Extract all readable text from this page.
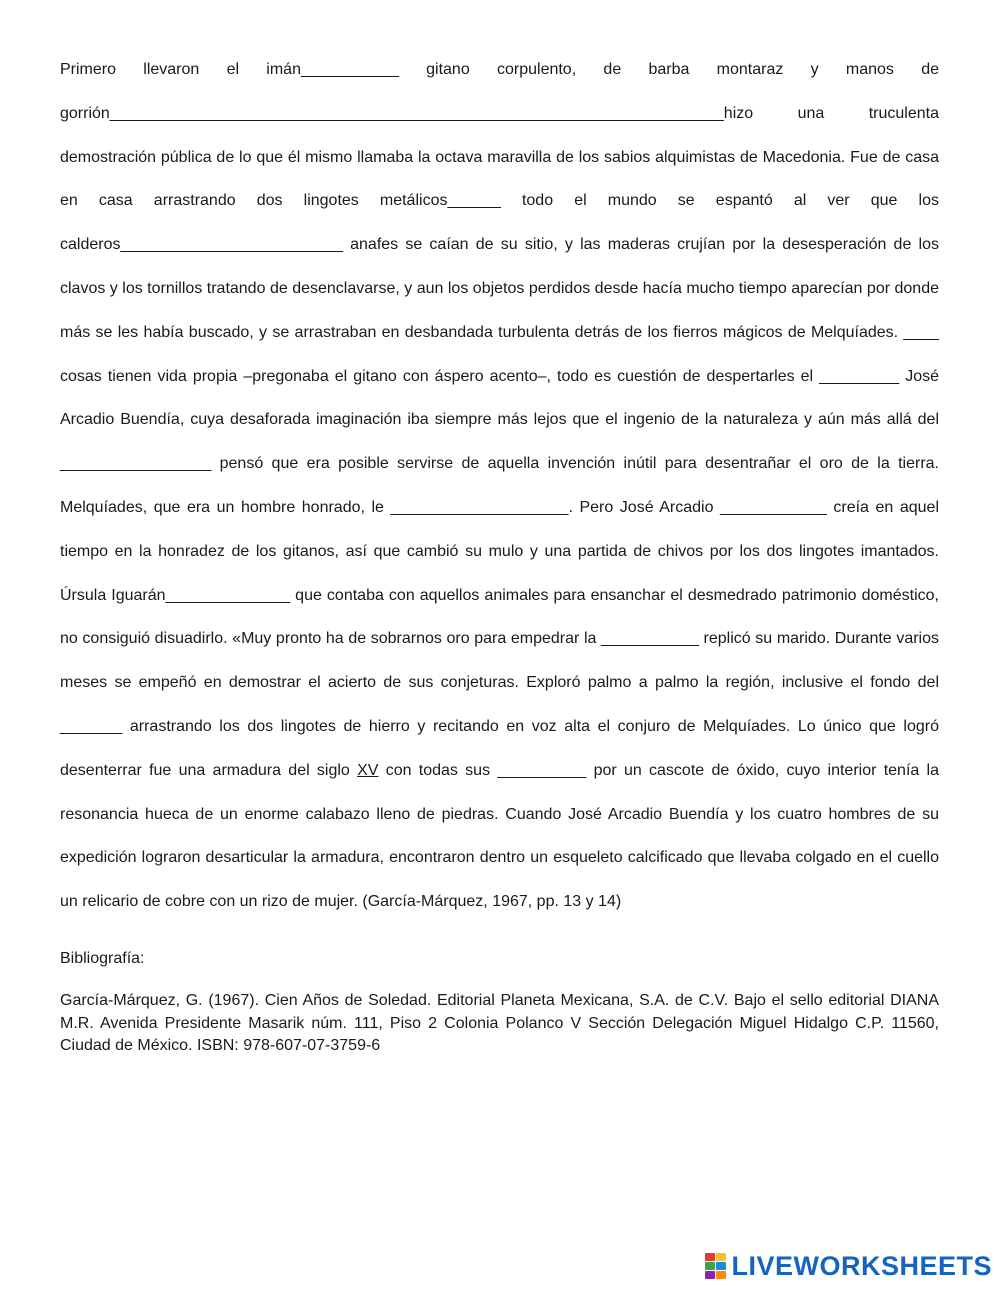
Primero llevaron el imán___________ gitano corpulento, de barba montaraz y manos de gorrión_____________________________________________________________________hizo una truculenta demostración pública de lo que él mismo llamaba la octava maravilla de los sabios alquimistas de Macedonia. Fue de casa en casa arrastrando dos lingotes metálicos______ todo el mundo se espantó al ver que los calderos_________________________ anafes se caían de su sitio, y las maderas crujían por la desesperación de los clavos y los tornillos tratando de desenclavarse, y aun los objetos perdidos desde hacía mucho tiempo aparecían por donde más se les había buscado, y se arrastraban en desbandada turbulenta detrás de los fierros mágicos de Melquíades. ____ cosas tienen vida propia –pregonaba el gitano con áspero acento–, todo es cuestión de despertarles el _________ José Arcadio Buendía, cuya desaforada imaginación iba siempre más lejos que el ingenio de la naturaleza y aún más allá del _________________ pensó que era posible servirse de aquella invención inútil para desentrañar el oro de la tierra. Melquíades, que era un hombre honrado, le ____________________. Pero José Arcadio ____________ creía en aquel tiempo en la honradez de los gitanos, así que cambió su mulo y una partida de chivos por los dos lingotes imantados. Úrsula Iguarán______________ que contaba con aquellos animales para ensanchar el desmedrado patrimonio doméstico, no consiguió disuadirlo. «Muy pronto ha de sobrarnos oro para empedrar la ___________ replicó su marido. Durante varios meses se empeñó en demostrar el acierto de sus conjeturas. Exploró palmo a palmo la región, inclusive el fondo del _______ arrastrando los dos lingotes de hierro y recitando en voz alta el conjuro de Melquíades. Lo único que logró desenterrar fue una armadura del siglo XV con todas sus __________ por un cascote de óxido, cuyo interior tenía la resonancia hueca de un enorme calabazo lleno de piedras. Cuando José Arcadio Buendía y los cuatro hombres de su expedición lograron desarticular la armadura, encontraron dentro un esqueleto calcificado que llevaba colgado en el cuello un relicario de cobre con un rizo de mujer. (García-Márquez, 1967, pp. 13 y 14)

Bibliografía:

García-Márquez, G. (1967). Cien Años de Soledad. Editorial Planeta Mexicana, S.A. de C.V. Bajo el sello editorial DIANA M.R. Avenida Presidente Masarik núm. 111, Piso 2 Colonia Polanco V Sección Delegación Miguel Hidalgo C.P. 11560, Ciudad de México. ISBN: 978-607-07-3759-6

LIVEWORKSHEETS
